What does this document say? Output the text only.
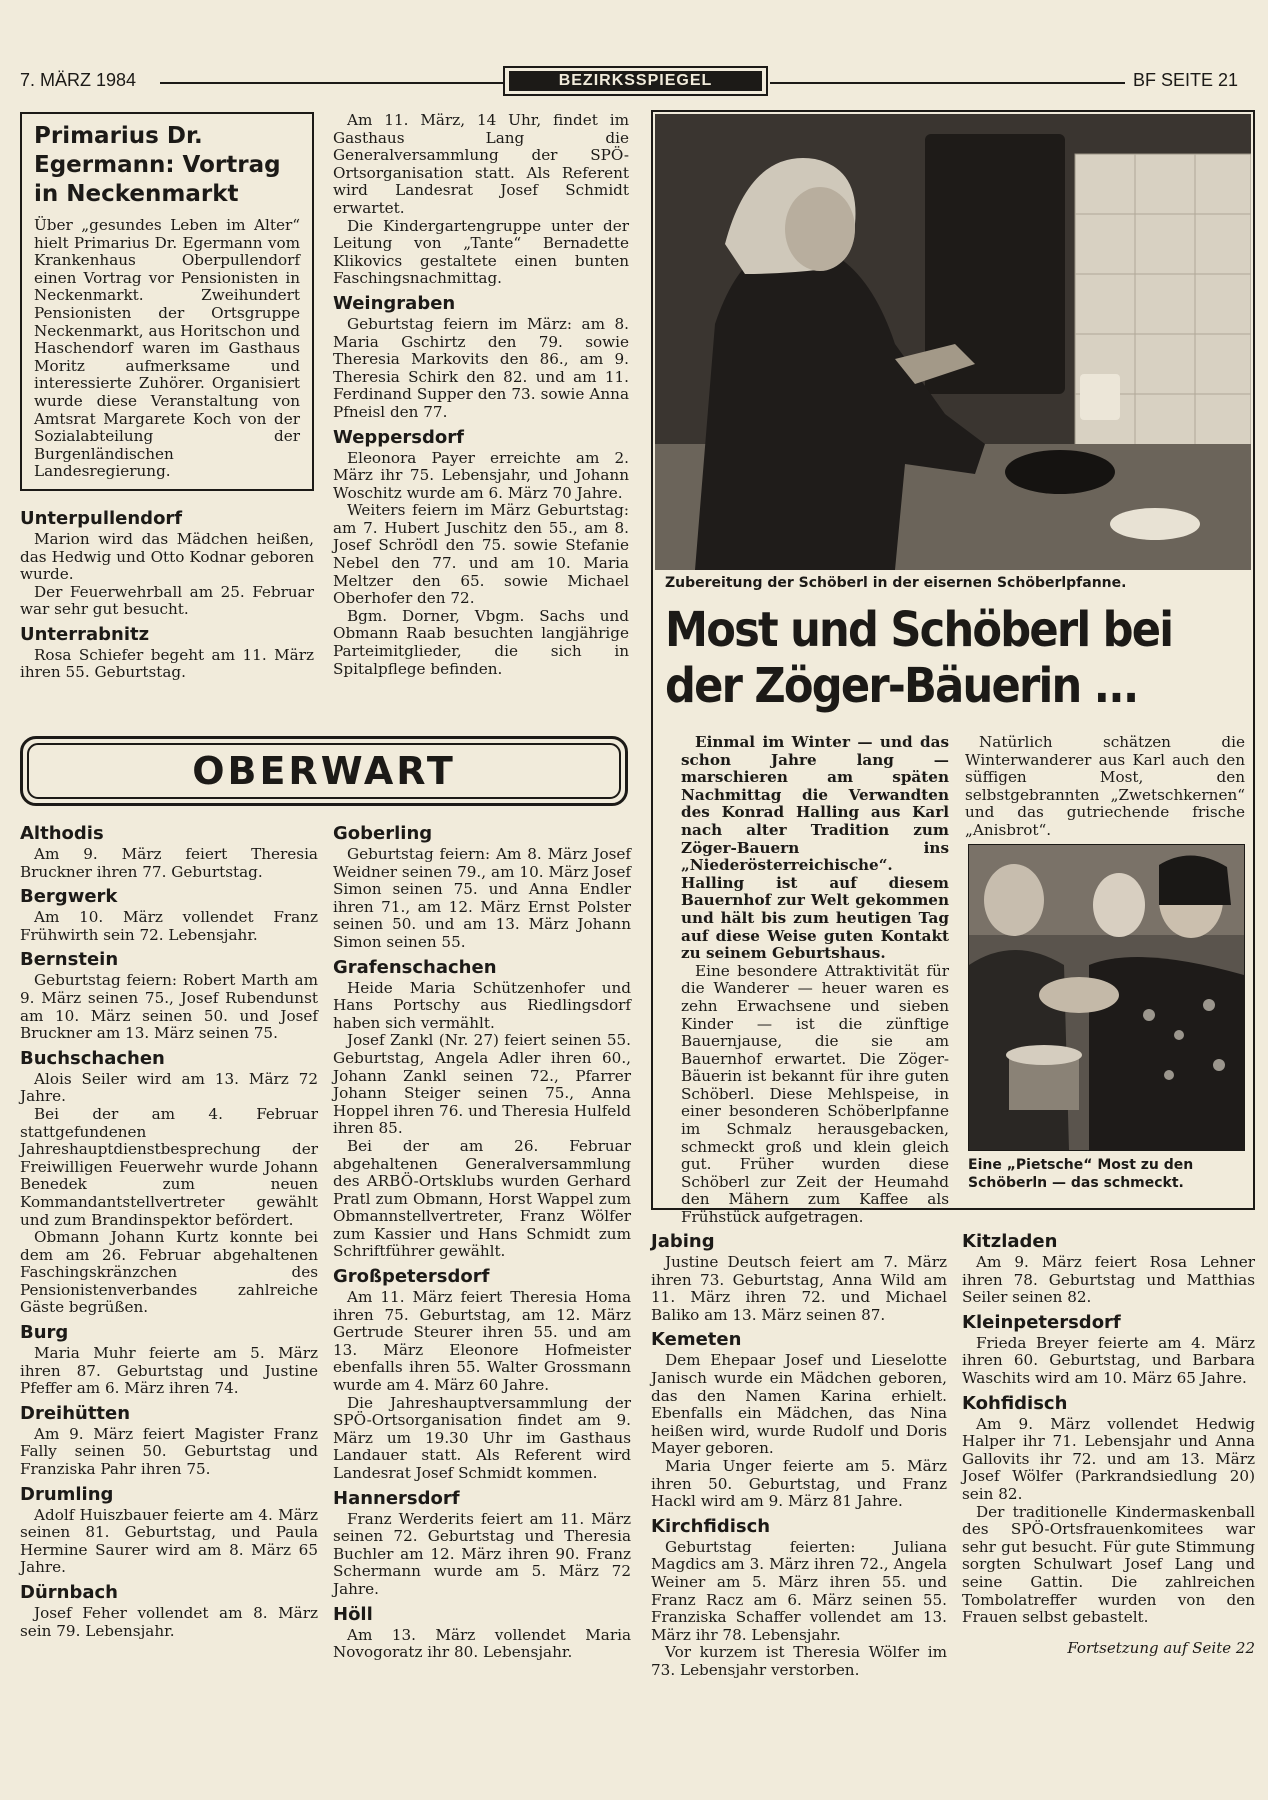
7. MÄRZ 1984	BEZIRKSSPIEGEL	BF SEITE 21
Primarius Dr. Egermann: Vortrag in Neckenmarkt

Über „gesundes Leben im Alter“ hielt Primarius Dr. Egermann vom Krankenhaus Oberpullendorf einen Vortrag vor Pensionisten in Neckenmarkt. Zweihundert Pensionisten der Ortsgruppe Neckenmarkt, aus Horitschon und Haschendorf waren im Gasthaus Moritz aufmerksame und interessierte Zuhörer. Organisiert wurde diese Veranstaltung von Amtsrat Margarete Koch von der Sozialabteilung der Burgenländischen Landesregierung.

Unterpullendorf

Marion wird das Mädchen heißen, das Hedwig und Otto Kodnar geboren wurde.

Der Feuerwehrball am 25. Februar war sehr gut besucht.

Unterrabnitz

Rosa Schiefer begeht am 11. März ihren 55. Geburtstag.

Am 11. März, 14 Uhr, findet im Gasthaus Lang die Generalversammlung der SPÖ-Ortsorganisation statt. Als Referent wird Landesrat Josef Schmidt erwartet.

Die Kindergartengruppe unter der Leitung von „Tante“ Bernadette Klikovics gestaltete einen bunten Faschingsnachmittag.

Weingraben

Geburtstag feiern im März: am 8. Maria Gschirtz den 79. sowie Theresia Markovits den 86., am 9. Theresia Schirk den 82. und am 11. Ferdinand Supper den 73. sowie Anna Pfneisl den 77.

Weppersdorf

Eleonora Payer erreichte am 2. März ihr 75. Lebensjahr, und Johann Woschitz wurde am 6. März 70 Jahre.

Weiters feiern im März Geburtstag: am 7. Hubert Juschitz den 55., am 8. Josef Schrödl den 75. sowie Stefanie Nebel den 77. und am 10. Maria Meltzer den 65. sowie Michael Oberhofer den 72.

Bgm. Dorner, Vbgm. Sachs und Obmann Raab besuchten langjährige Parteimitglieder, die sich in Spitalpflege befinden.

OBERWART
Althodis

Am 9. März feiert Theresia Bruckner ihren 77. Geburtstag.

Bergwerk

Am 10. März vollendet Franz Frühwirth sein 72. Lebensjahr.

Bernstein

Geburtstag feiern: Robert Marth am 9. März seinen 75., Josef Rubendunst am 10. März seinen 50. und Josef Bruckner am 13. März seinen 75.

Buchschachen

Alois Seiler wird am 13. März 72 Jahre.

Bei der am 4. Februar stattgefundenen Jahreshauptdienstbesprechung der Freiwilligen Feuerwehr wurde Johann Benedek zum neuen Kommandantstellvertreter gewählt und zum Brandinspektor befördert.

Obmann Johann Kurtz konnte bei dem am 26. Februar abgehaltenen Faschingskränzchen des Pensionistenverbandes zahlreiche Gäste begrüßen.

Burg

Maria Muhr feierte am 5. März ihren 87. Geburtstag und Justine Pfeffer am 6. März ihren 74.

Dreihütten

Am 9. März feiert Magister Franz Fally seinen 50. Geburtstag und Franziska Pahr ihren 75.

Drumling

Adolf Huiszbauer feierte am 4. März seinen 81. Geburtstag, und Paula Hermine Saurer wird am 8. März 65 Jahre.

Dürnbach

Josef Feher vollendet am 8. März sein 79. Lebensjahr.

Goberling

Geburtstag feiern: Am 8. März Josef Weidner seinen 79., am 10. März Josef Simon seinen 75. und Anna Endler ihren 71., am 12. März Ernst Polster seinen 50. und am 13. März Johann Simon seinen 55.

Grafenschachen

Heide Maria Schützenhofer und Hans Portschy aus Riedlingsdorf haben sich vermählt.

Josef Zankl (Nr. 27) feiert seinen 55. Geburtstag, Angela Adler ihren 60., Johann Zankl seinen 72., Pfarrer Johann Steiger seinen 75., Anna Hoppel ihren 76. und Theresia Hulfeld ihren 85.

Bei der am 26. Februar abgehaltenen Generalversammlung des ARBÖ-Ortsklubs wurden Gerhard Pratl zum Obmann, Horst Wappel zum Obmannstellvertreter, Franz Wölfer zum Kassier und Hans Schmidt zum Schriftführer gewählt.

Großpetersdorf

Am 11. März feiert Theresia Homa ihren 75. Geburtstag, am 12. März Gertrude Steurer ihren 55. und am 13. März Eleonore Hofmeister ebenfalls ihren 55. Walter Grossmann wurde am 4. März 60 Jahre.

Die Jahreshauptversammlung der SPÖ-Ortsorganisation findet am 9. März um 19.30 Uhr im Gasthaus Landauer statt. Als Referent wird Landesrat Josef Schmidt kommen.

Hannersdorf

Franz Werderits feiert am 11. März seinen 72. Geburtstag und Theresia Buchler am 12. März ihren 90. Franz Schermann wurde am 5. März 72 Jahre.

Höll

Am 13. März vollendet Maria Novogoratz ihr 80. Lebensjahr.

Zubereitung der Schöberl in der eisernen Schöberlpfanne.
Most und Schöberl bei der Zöger-Bäuerin ...

Einmal im Winter — und das schon Jahre lang — marschieren am späten Nachmittag die Verwandten des Konrad Halling aus Karl nach alter Tradition zum Zöger-Bauern ins „Niederösterreichische“. Halling ist auf diesem Bauernhof zur Welt gekommen und hält bis zum heutigen Tag auf diese Weise guten Kontakt zu seinem Geburtshaus.

Eine besondere Attraktivität für die Wanderer — heuer waren es zehn Erwachsene und sieben Kinder — ist die zünftige Bauernjause, die sie am Bauernhof erwartet. Die Zöger-Bäuerin ist bekannt für ihre guten Schöberl. Diese Mehlspeise, in einer besonderen Schöberlpfanne im Schmalz herausgebacken, schmeckt groß und klein gleich gut. Früher wurden diese Schöberl zur Zeit der Heumahd den Mähern zum Kaffee als Frühstück aufgetragen.

Natürlich schätzen die Winterwanderer aus Karl auch den süffigen Most, den selbstgebrannten „Zwetschkernen“ und das gutriechende frische „Anisbrot“.

Eine „Pietsche“ Most zu den Schöberln — das schmeckt.
Jabing

Justine Deutsch feiert am 7. März ihren 73. Geburtstag, Anna Wild am 11. März ihren 72. und Michael Baliko am 13. März seinen 87.

Kemeten

Dem Ehepaar Josef und Lieselotte Janisch wurde ein Mädchen geboren, das den Namen Karina erhielt. Ebenfalls ein Mädchen, das Nina heißen wird, wurde Rudolf und Doris Mayer geboren.

Maria Unger feierte am 5. März ihren 50. Geburtstag, und Franz Hackl wird am 9. März 81 Jahre.

Kirchfidisch

Geburtstag feierten: Juliana Magdics am 3. März ihren 72., Angela Weiner am 5. März ihren 55. und Franz Racz am 6. März seinen 55. Franziska Schaffer vollendet am 13. März ihr 78. Lebensjahr.

Vor kurzem ist Theresia Wölfer im 73. Lebensjahr verstorben.

Kitzladen

Am 9. März feiert Rosa Lehner ihren 78. Geburtstag und Matthias Seiler seinen 82.

Kleinpetersdorf

Frieda Breyer feierte am 4. März ihren 60. Geburtstag, und Barbara Waschits wird am 10. März 65 Jahre.

Kohfidisch

Am 9. März vollendet Hedwig Halper ihr 71. Lebensjahr und Anna Gallovits ihr 72. und am 13. März Josef Wölfer (Parkrandsiedlung 20) sein 82.

Der traditionelle Kindermaskenball des SPÖ-Ortsfrauenkomitees war sehr gut besucht. Für gute Stimmung sorgten Schulwart Josef Lang und seine Gattin. Die zahlreichen Tombolatreffer wurden von den Frauen selbst gebastelt.

Fortsetzung auf Seite 22
